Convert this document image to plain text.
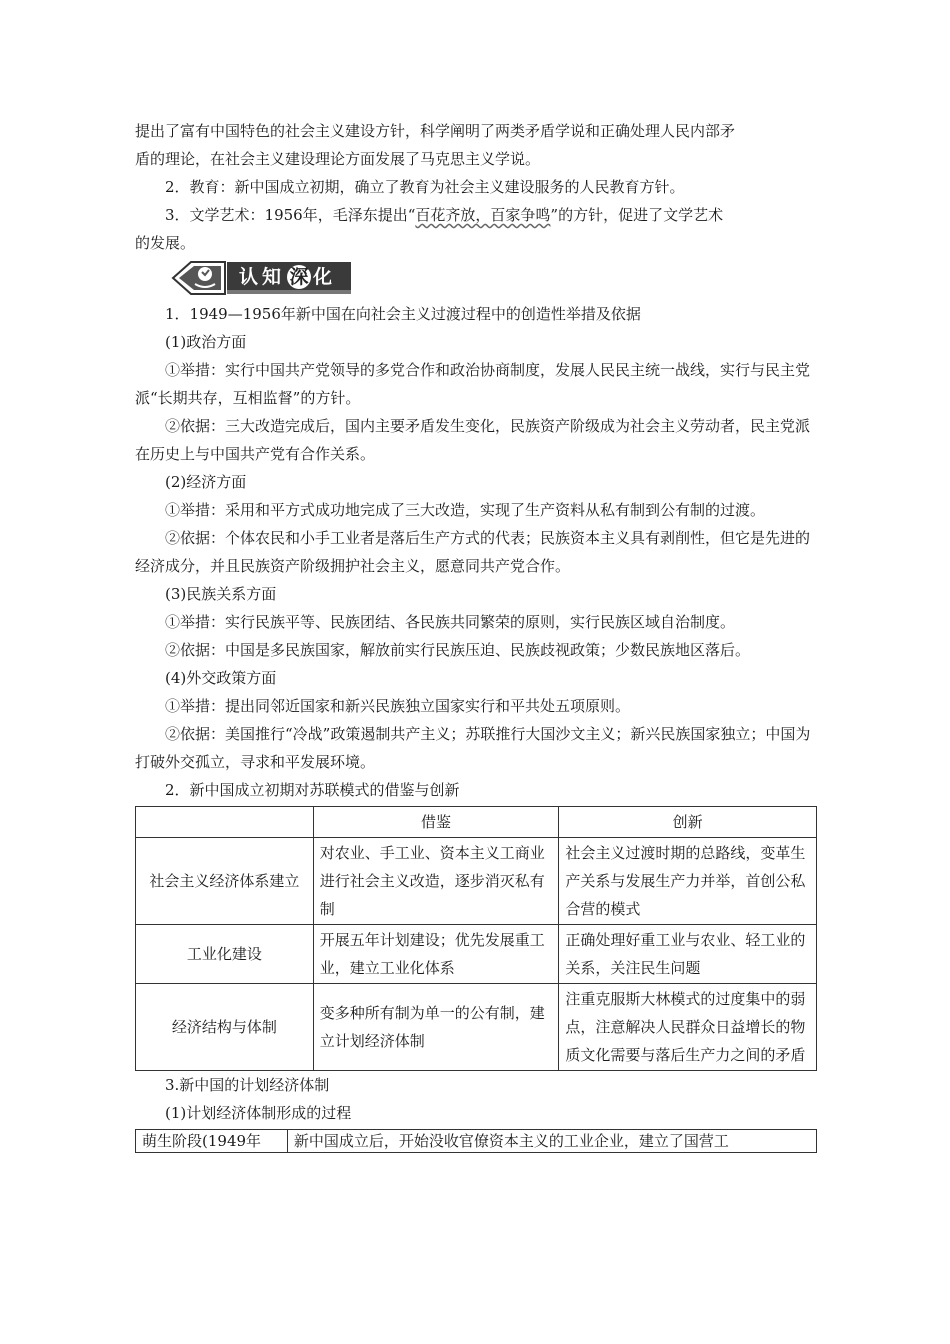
提出了富有中国特色的社会主义建设方针，科学阐明了两类矛盾学说和正确处理人民内部矛

盾的理论，在社会主义建设理论方面发展了马克思主义学说。

2．教育：新中国成立初期，确立了教育为社会主义建设服务的人民教育方针。

3．文学艺术：1956年，毛泽东提出“百花齐放，百家争鸣”的方针，促进了文学艺术

的发展。

认知 深 化

1．1949—1956年新中国在向社会主义过渡过程中的创造性举措及依据

(1)政治方面

①举措：实行中国共产党领导的多党合作和政治协商制度，发展人民民主统一战线，实行与民主党派“长期共存，互相监督”的方针。

②依据：三大改造完成后，国内主要矛盾发生变化，民族资产阶级成为社会主义劳动者，民主党派在历史上与中国共产党有合作关系。

(2)经济方面

①举措：采用和平方式成功地完成了三大改造，实现了生产资料从私有制到公有制的过渡。

②依据：个体农民和小手工业者是落后生产方式的代表；民族资本主义具有剥削性，但它是先进的经济成分，并且民族资产阶级拥护社会主义，愿意同共产党合作。

(3)民族关系方面

①举措：实行民族平等、民族团结、各民族共同繁荣的原则，实行民族区域自治制度。

②依据：中国是多民族国家，解放前实行民族压迫、民族歧视政策；少数民族地区落后。

(4)外交政策方面

①举措：提出同邻近国家和新兴民族独立国家实行和平共处五项原则。

②依据：美国推行“冷战”政策遏制共产主义；苏联推行大国沙文主义；新兴民族国家独立；中国为打破外交孤立，寻求和平发展环境。

2．新中国成立初期对苏联模式的借鉴与创新

	借鉴	创新
社会主义经济体系建立	对农业、手工业、资本主义工商业进行社会主义改造，逐步消灭私有制	社会主义过渡时期的总路线，变革生产关系与发展生产力并举，首创公私合营的模式
工业化建设	开展五年计划建设；优先发展重工业，建立工业化体系	正确处理好重工业与农业、轻工业的关系，关注民生问题
经济结构与体制	变多种所有制为单一的公有制，建立计划经济体制	注重克服斯大林模式的过度集中的弱点，注意解决人民群众日益增长的物质文化需要与落后生产力之间的矛盾

3.新中国的计划经济体制

(1)计划经济体制形成的过程

萌生阶段(1949年	新中国成立后，开始没收官僚资本主义的工业企业，建立了国营工
